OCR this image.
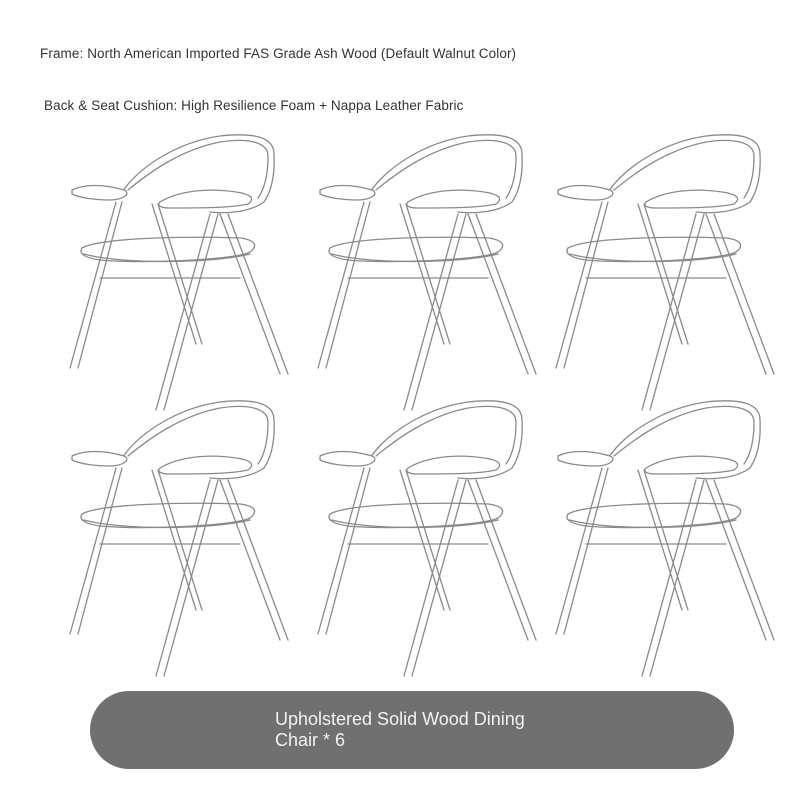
Frame: North American Imported FAS Grade Ash Wood (Default Walnut Color)
Back & Seat Cushion: High Resilience Foam + Nappa Leather Fabric
Upholstered Solid Wood Dining Chair * 6
